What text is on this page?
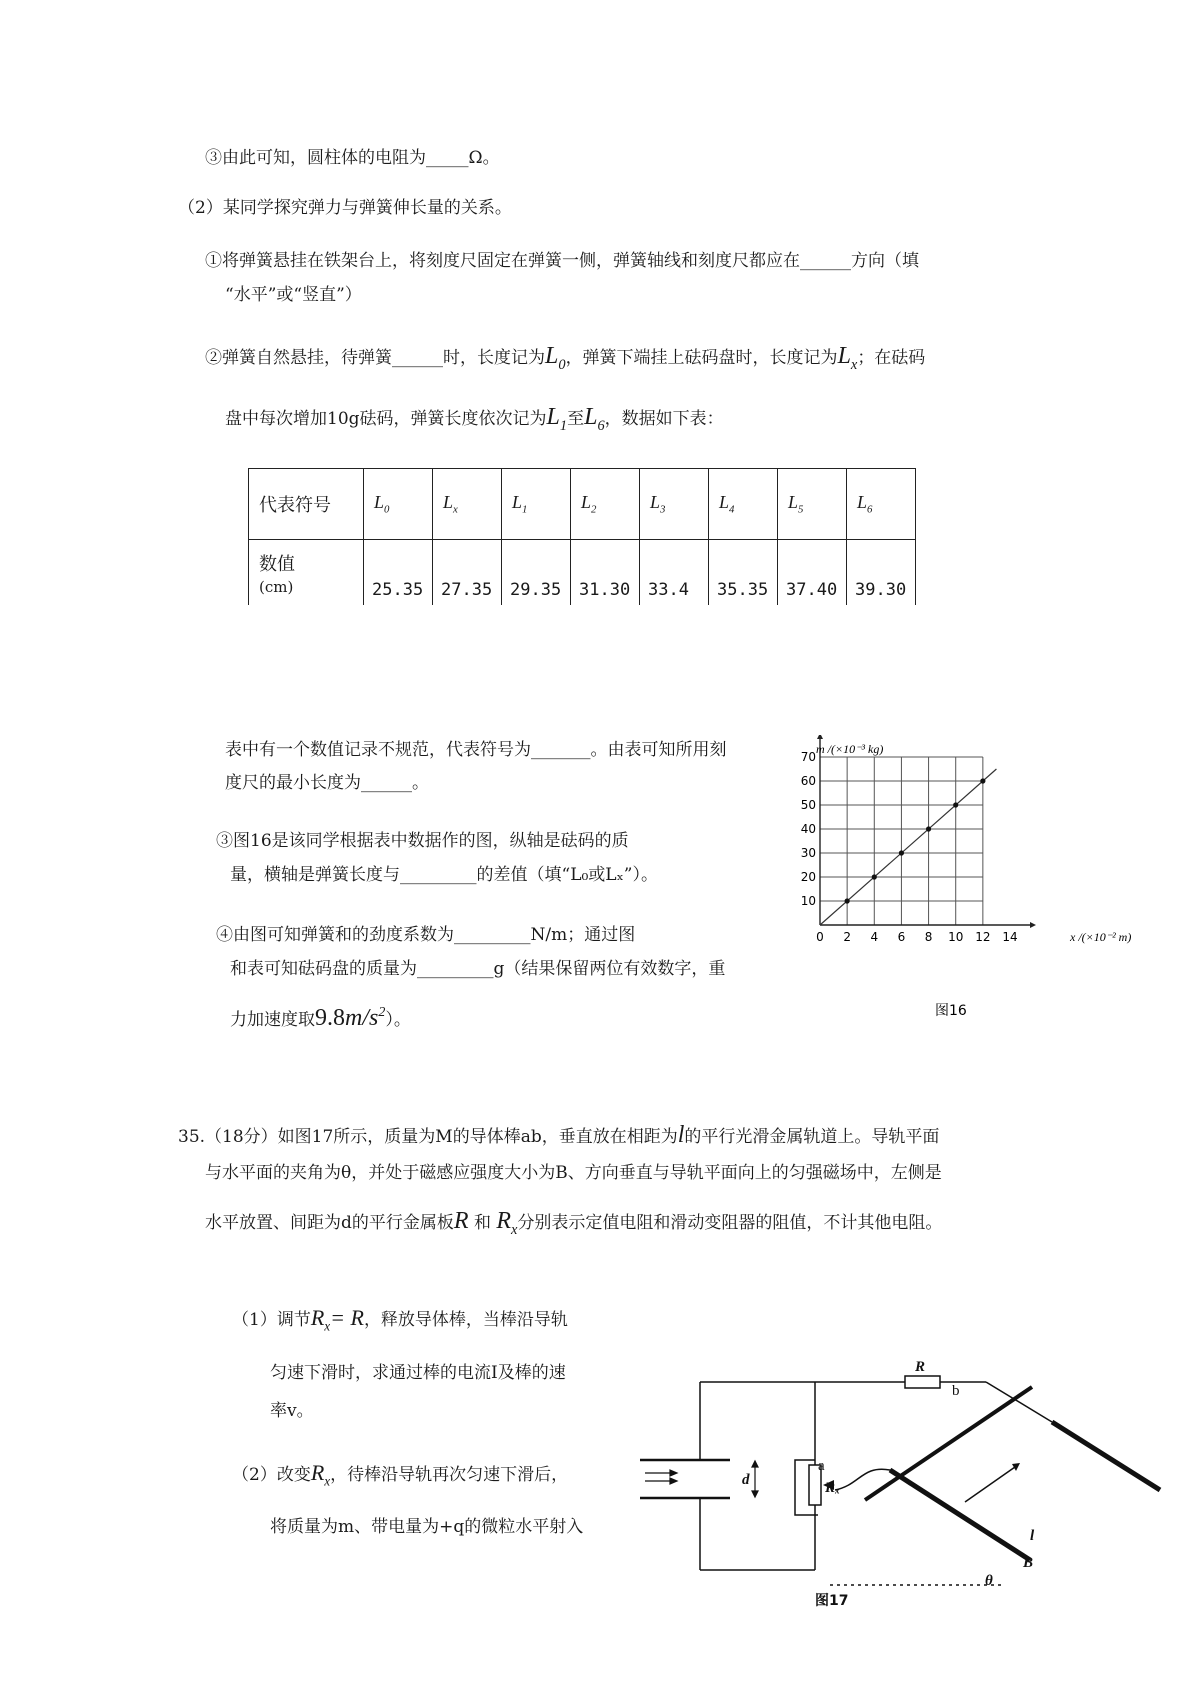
③由此可知，圆柱体的电阻为_____Ω。
（2）某同学探究弹力与弹簧伸长量的关系。
①将弹簧悬挂在铁架台上，将刻度尺固定在弹簧一侧，弹簧轴线和刻度尺都应在______方向（填
“水平”或“竖直”）
②弹簧自然悬挂，待弹簧______时，长度记为$L_0$，弹簧下端挂上砝码盘时，长度记为$L_x$；在砝码
盘中每次增加10g砝码，弹簧长度依次记为$L_1$至$L_6$，数据如下表：
代表符号	$L_0$	$L_x$	$L_1$	$L_2$	$L_3$	$L_4$	$L_5$	$L_6$
数值
(cm)	25.35	27.35	29.35	31.30	33.4	35.35	37.40	39.30
表中有一个数值记录不规范，代表符号为_______。由表可知所用刻
度尺的最小长度为______。
③图16是该同学根据表中数据作的图，纵轴是砝码的质
量，横轴是弹簧长度与_________的差值（填“L₀或Lₓ”）。
④由图可知弹簧和的劲度系数为_________N/m；通过图
和表可知砝码盘的质量为_________g（结果保留两位有效数字，重
力加速度取$9.8m/s^2$）。
0 2 4 6 8 10 12 14
10
20
30
40
50
60
70
m /(×10⁻³ kg)
x /(×10⁻² m)
图16
35.（18分）如图17所示，质量为M的导体棒ab，垂直放在相距为l的平行光滑金属轨道上。导轨平面
与水平面的夹角为θ，并处于磁感应强度大小为B、方向垂直与导轨平面向上的匀强磁场中，左侧是
水平放置、间距为d的平行金属板R 和 $R_x$分别表示定值电阻和滑动变阻器的阻值，不计其他电阻。
（1）调节$R_x= R$，释放导体棒，当棒沿导轨
匀速下滑时，求通过棒的电流I及棒的速
率v。
（2）改变$R_x$，待棒沿导轨再次匀速下滑后，
将质量为m、带电量为+q的微粒水平射入
R
Rₓ
d
B
θ
l
a
b
图17
